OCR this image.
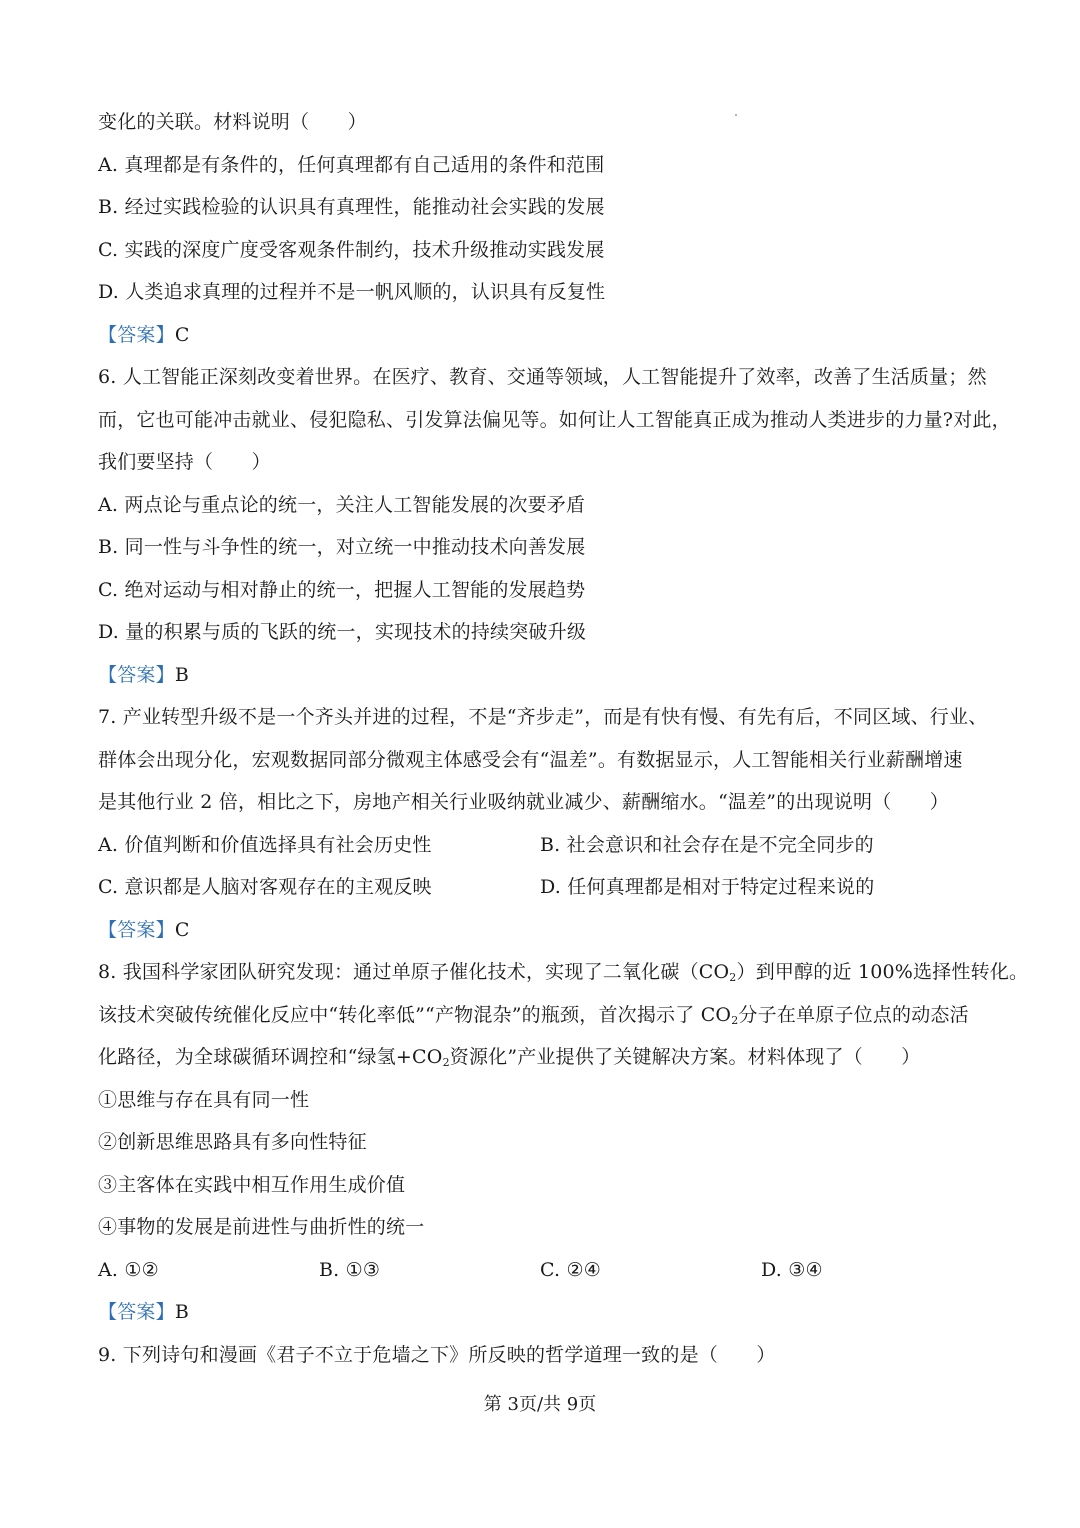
变化的关联。材料说明（　　）
A. 真理都是有条件的，任何真理都有自己适用的条件和范围
B. 经过实践检验的认识具有真理性，能推动社会实践的发展
C. 实践的深度广度受客观条件制约，技术升级推动实践发展
D. 人类追求真理的过程并不是一帆风顺的，认识具有反复性
【答案】C
6. 人工智能正深刻改变着世界。在医疗、教育、交通等领域，人工智能提升了效率，改善了生活质量；然
而，它也可能冲击就业、侵犯隐私、引发算法偏见等。如何让人工智能真正成为推动人类进步的力量?对此，
我们要坚持（　　）
A. 两点论与重点论的统一，关注人工智能发展的次要矛盾
B. 同一性与斗争性的统一，对立统一中推动技术向善发展
C. 绝对运动与相对静止的统一，把握人工智能的发展趋势
D. 量的积累与质的飞跃的统一，实现技术的持续突破升级
【答案】B
7. 产业转型升级不是一个齐头并进的过程，不是“齐步走”，而是有快有慢、有先有后，不同区域、行业、
群体会出现分化，宏观数据同部分微观主体感受会有“温差”。有数据显示，人工智能相关行业薪酬增速
是其他行业 2 倍，相比之下，房地产相关行业吸纳就业减少、薪酬缩水。“温差”的出现说明（　　）
A. 价值判断和价值选择具有社会历史性	B. 社会意识和社会存在是不完全同步的
C. 意识都是人脑对客观存在的主观反映	D. 任何真理都是相对于特定过程来说的
【答案】C
8. 我国科学家团队研究发现：通过单原子催化技术，实现了二氧化碳$(CO_2)$到甲醇的近 100%选择性转化。
该技术突破传统催化反应中“转化率低”“产物混杂”的瓶颈，首次揭示了 $CO_2$分子在单原子位点的动态活
化路径，为全球碳循环调控和“绿氢$+CO_2$资源化”产业提供了关键解决方案。材料体现了（　　）
①思维与存在具有同一性
②创新思维思路具有多向性特征
③主客体在实践中相互作用生成价值
④事物的发展是前进性与曲折性的统一
A. ①②	B. ①③	C. ②④	D. ③④
【答案】B
9. 下列诗句和漫画《君子不立于危墙之下》所反映的哲学道理一致的是（　　）
第 3页/共 9页
